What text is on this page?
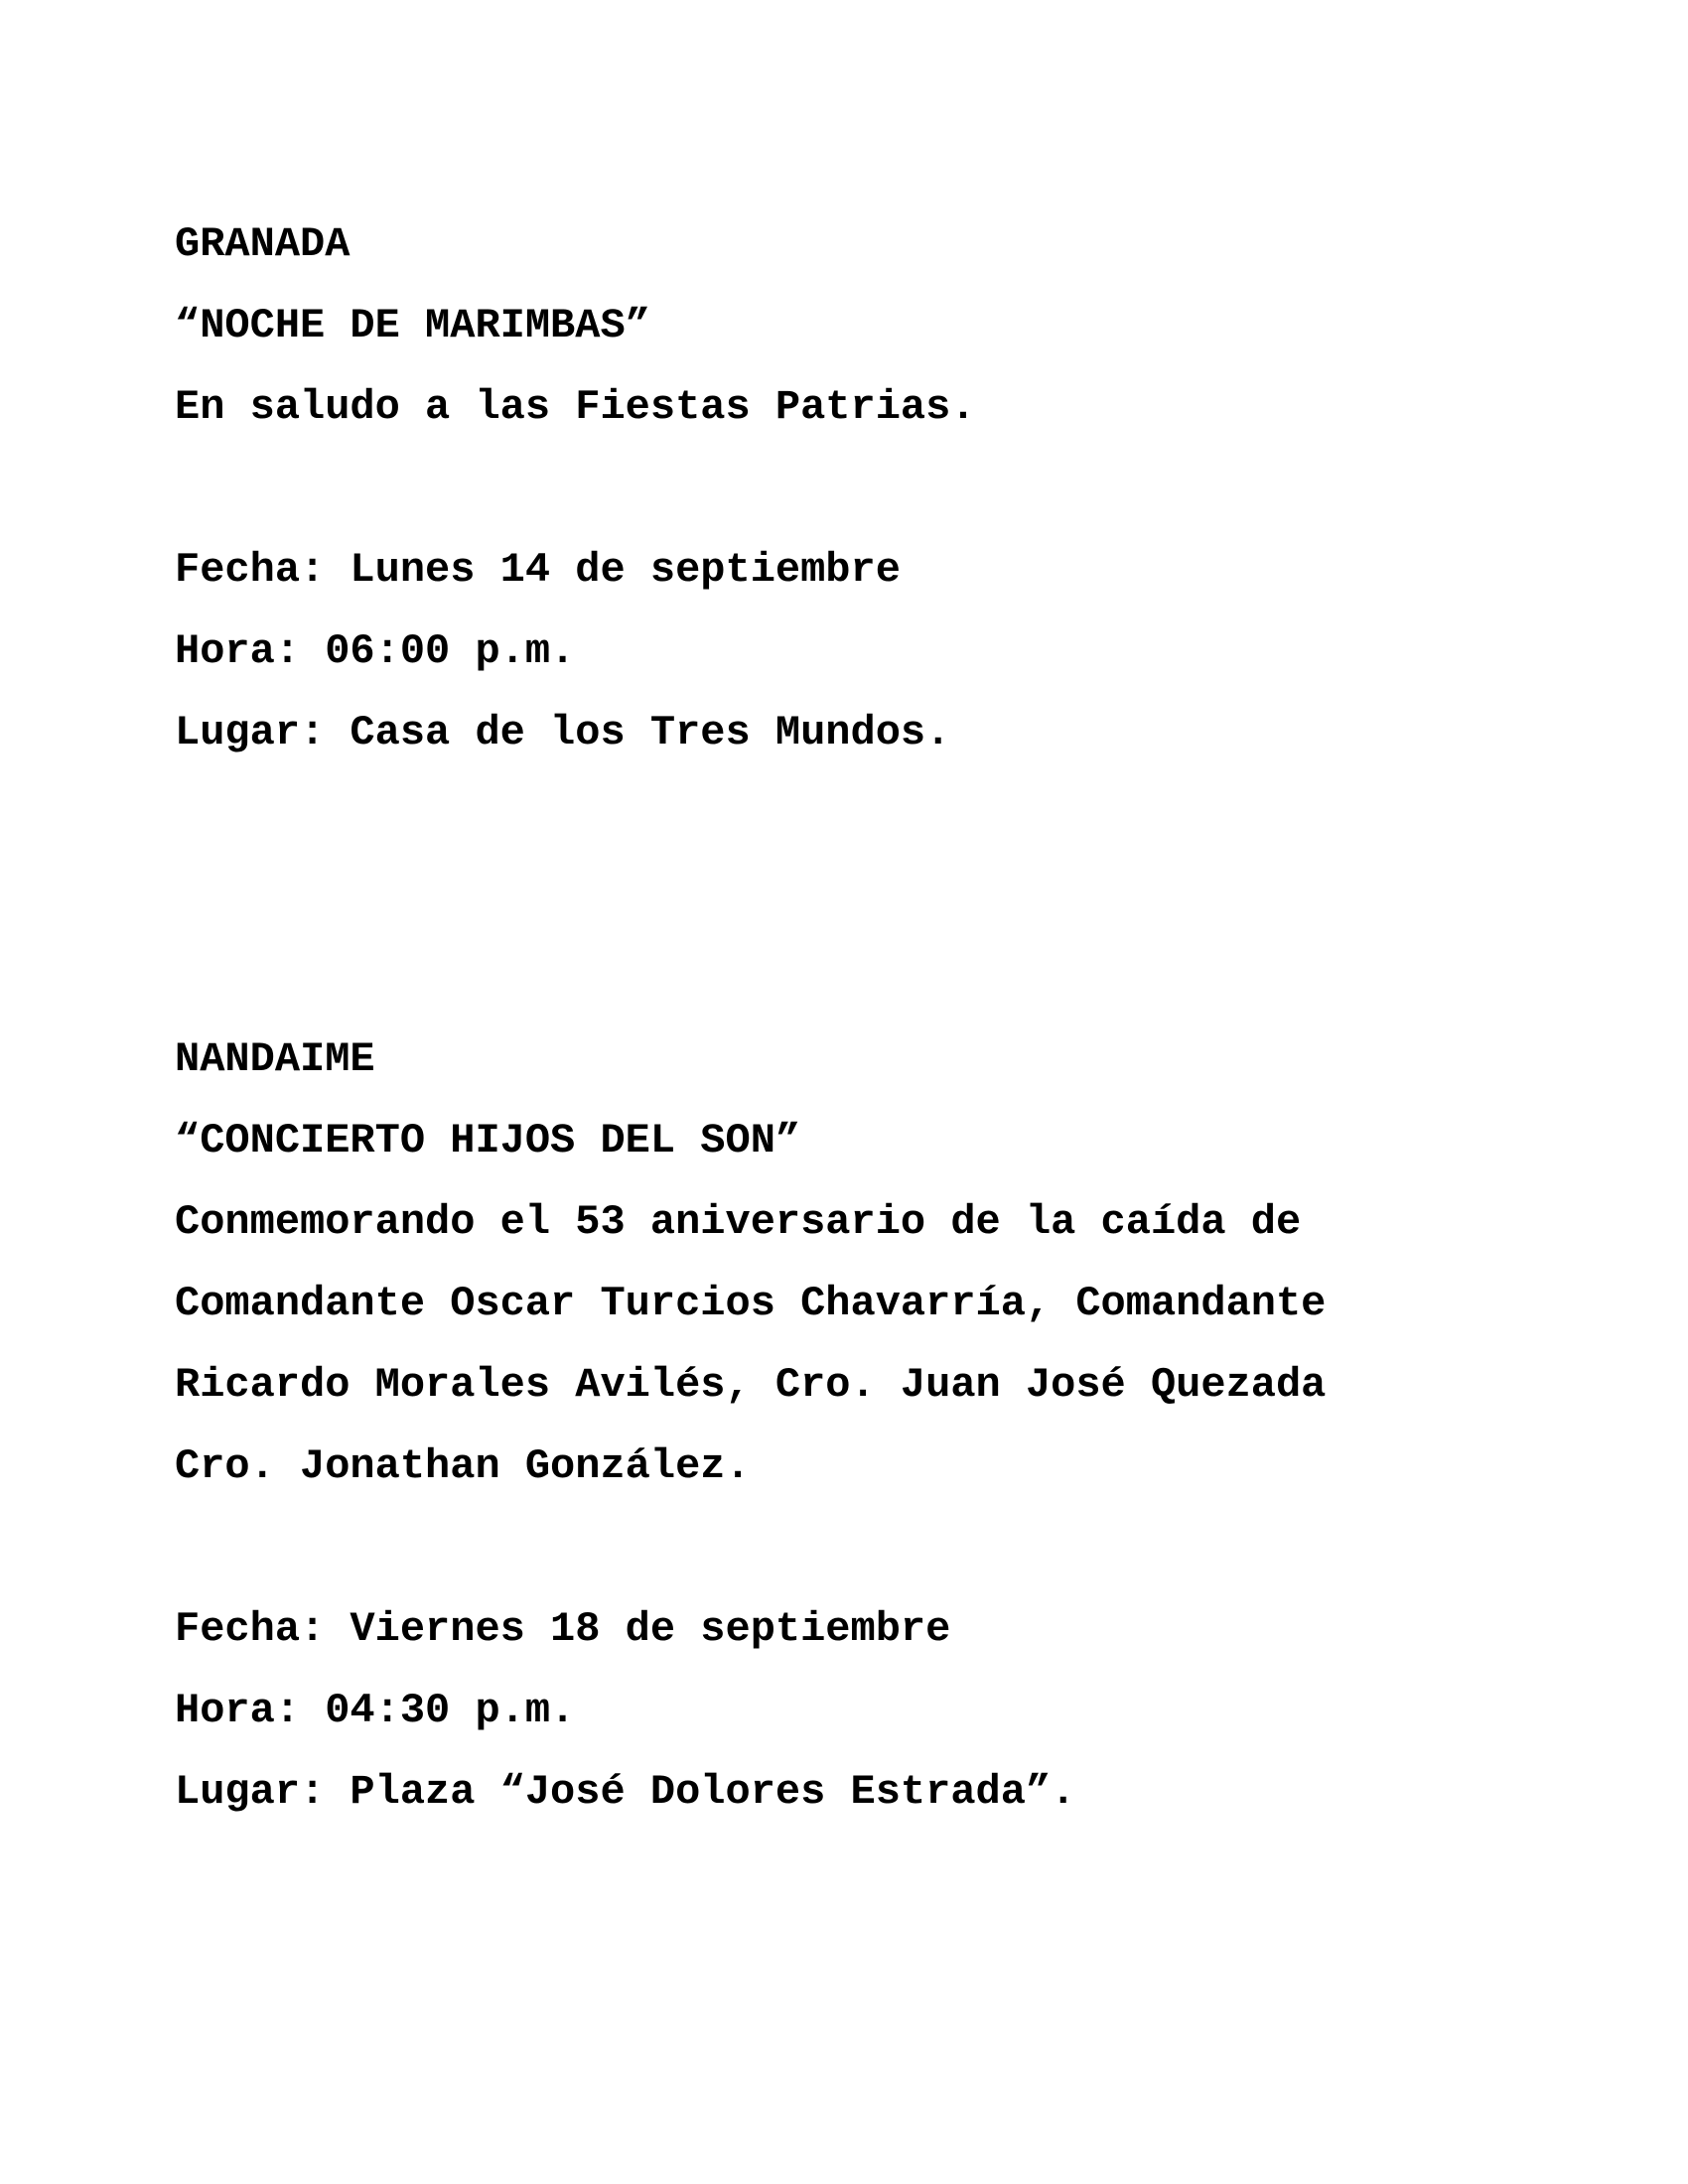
GRANADA

“NOCHE DE MARIMBAS”

En saludo a las Fiestas Patrias.

Fecha: Lunes 14 de septiembre

Hora: 06:00 p.m.

Lugar: Casa de los Tres Mundos.

NANDAIME

“CONCIERTO HIJOS DEL SON”

Conmemorando el 53 aniversario de la caída de

Comandante Oscar Turcios Chavarría, Comandante

Ricardo Morales Avilés, Cro. Juan José Quezada

Cro. Jonathan González.

Fecha: Viernes 18 de septiembre

Hora: 04:30 p.m.

Lugar: Plaza “José Dolores Estrada”.
